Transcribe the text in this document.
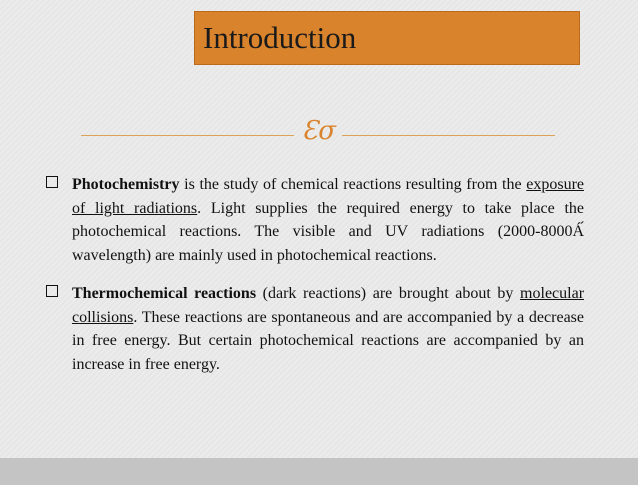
Introduction
Ɛσ
Photochemistry is the study of chemical reactions resulting from the exposure of light radiations. Light supplies the required energy to take place the photochemical reactions. The visible and UV radiations (2000-8000Á́ wavelength) are mainly used in photochemical reactions.
Thermochemical reactions (dark reactions) are brought about by molecular collisions. These reactions are spontaneous and are accompanied by a decrease in free energy. But certain photochemical reactions are accompanied by an increase in free energy.
